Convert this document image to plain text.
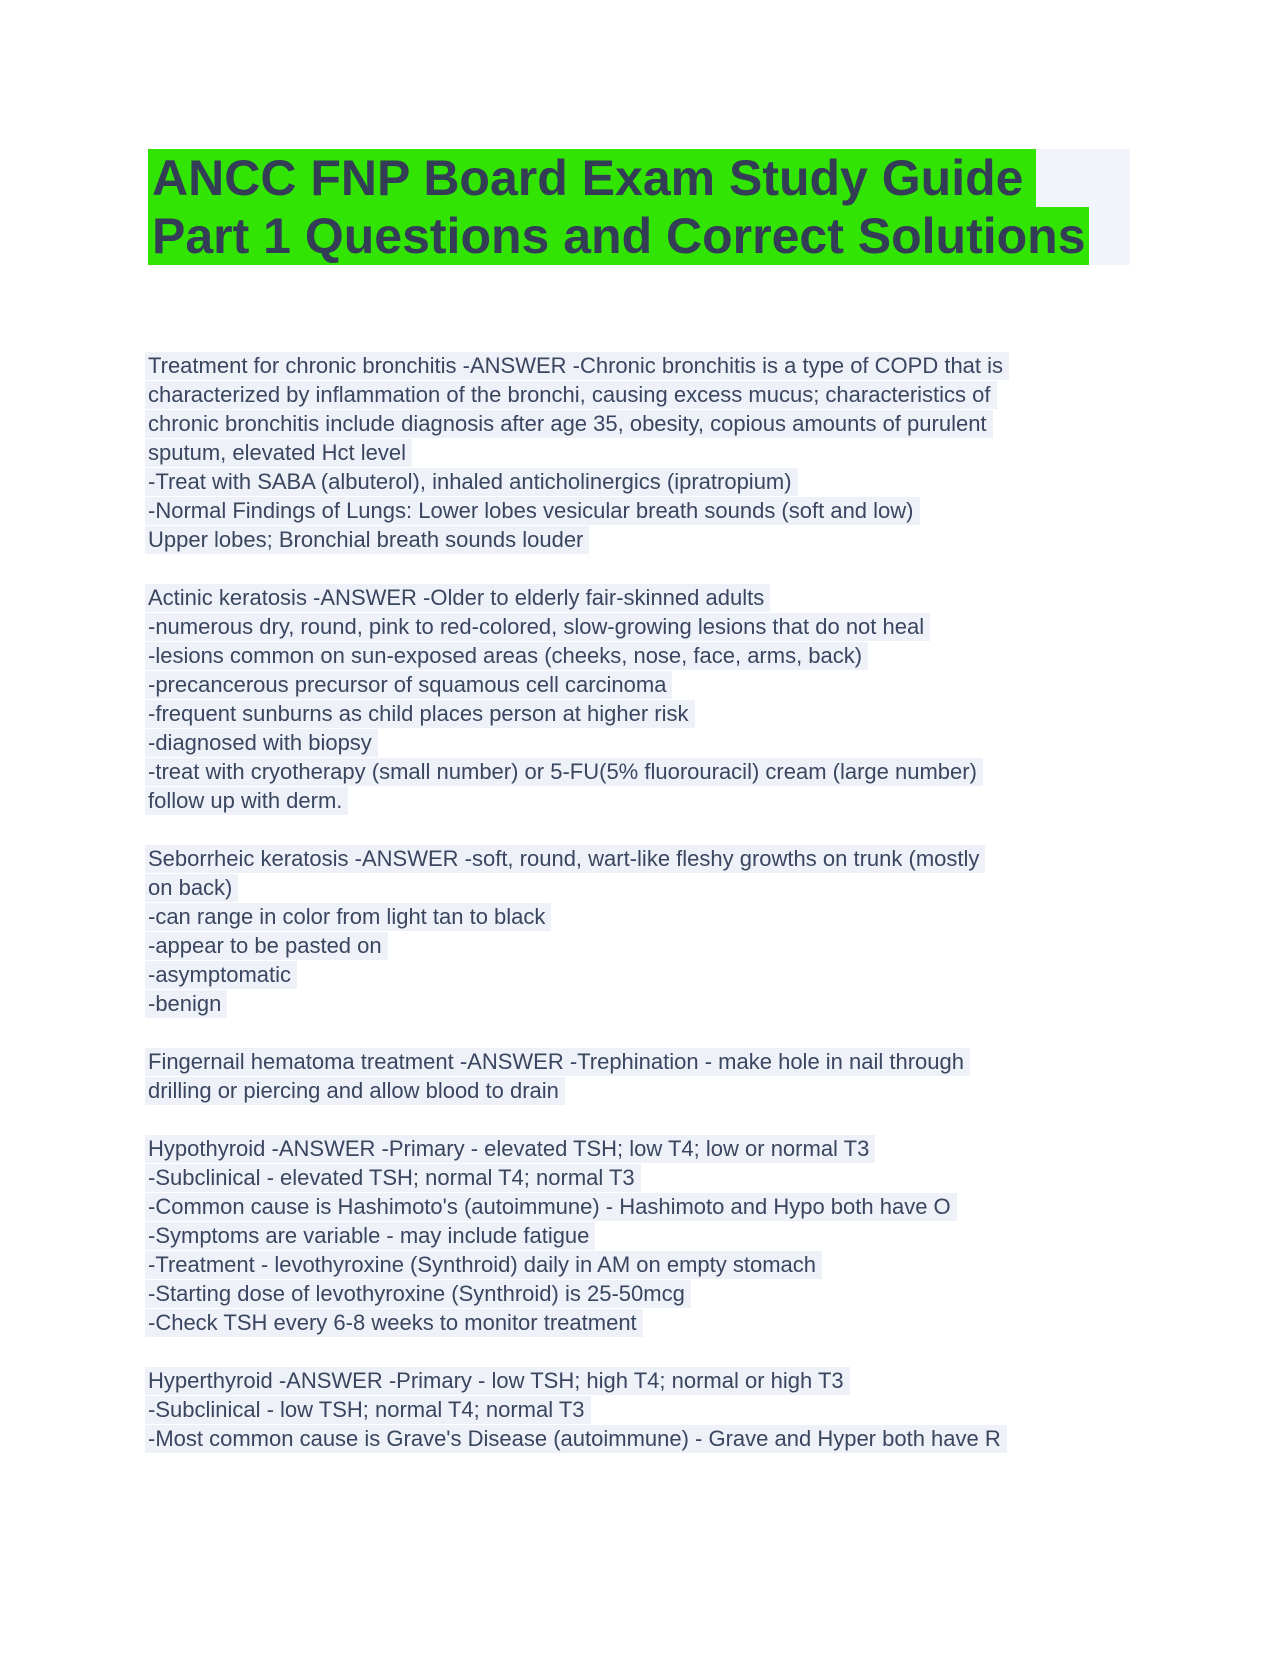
ANCC FNP Board Exam Study Guide
Part 1 Questions and Correct Solutions
Treatment for chronic bronchitis -ANSWER -Chronic bronchitis is a type of COPD that is
characterized by inflammation of the bronchi, causing excess mucus; characteristics of
chronic bronchitis include diagnosis after age 35, obesity, copious amounts of purulent
sputum, elevated Hct level
-Treat with SABA (albuterol), inhaled anticholinergics (ipratropium)
-Normal Findings of Lungs: Lower lobes vesicular breath sounds (soft and low)
Upper lobes; Bronchial breath sounds louder
Actinic keratosis -ANSWER -Older to elderly fair-skinned adults
-numerous dry, round, pink to red-colored, slow-growing lesions that do not heal
-lesions common on sun-exposed areas (cheeks, nose, face, arms, back)
-precancerous precursor of squamous cell carcinoma
-frequent sunburns as child places person at higher risk
-diagnosed with biopsy
-treat with cryotherapy (small number) or 5-FU(5% fluorouracil) cream (large number)
follow up with derm.
Seborrheic keratosis -ANSWER -soft, round, wart-like fleshy growths on trunk (mostly
on back)
-can range in color from light tan to black
-appear to be pasted on
-asymptomatic
-benign
Fingernail hematoma treatment -ANSWER -Trephination - make hole in nail through
drilling or piercing and allow blood to drain
Hypothyroid -ANSWER -Primary - elevated TSH; low T4; low or normal T3
-Subclinical - elevated TSH; normal T4; normal T3
-Common cause is Hashimoto's (autoimmune) - Hashimoto and Hypo both have O
-Symptoms are variable - may include fatigue
-Treatment - levothyroxine (Synthroid) daily in AM on empty stomach
-Starting dose of levothyroxine (Synthroid) is 25-50mcg
-Check TSH every 6-8 weeks to monitor treatment
Hyperthyroid -ANSWER -Primary - low TSH; high T4; normal or high T3
-Subclinical - low TSH; normal T4; normal T3
-Most common cause is Grave's Disease (autoimmune) - Grave and Hyper both have R
